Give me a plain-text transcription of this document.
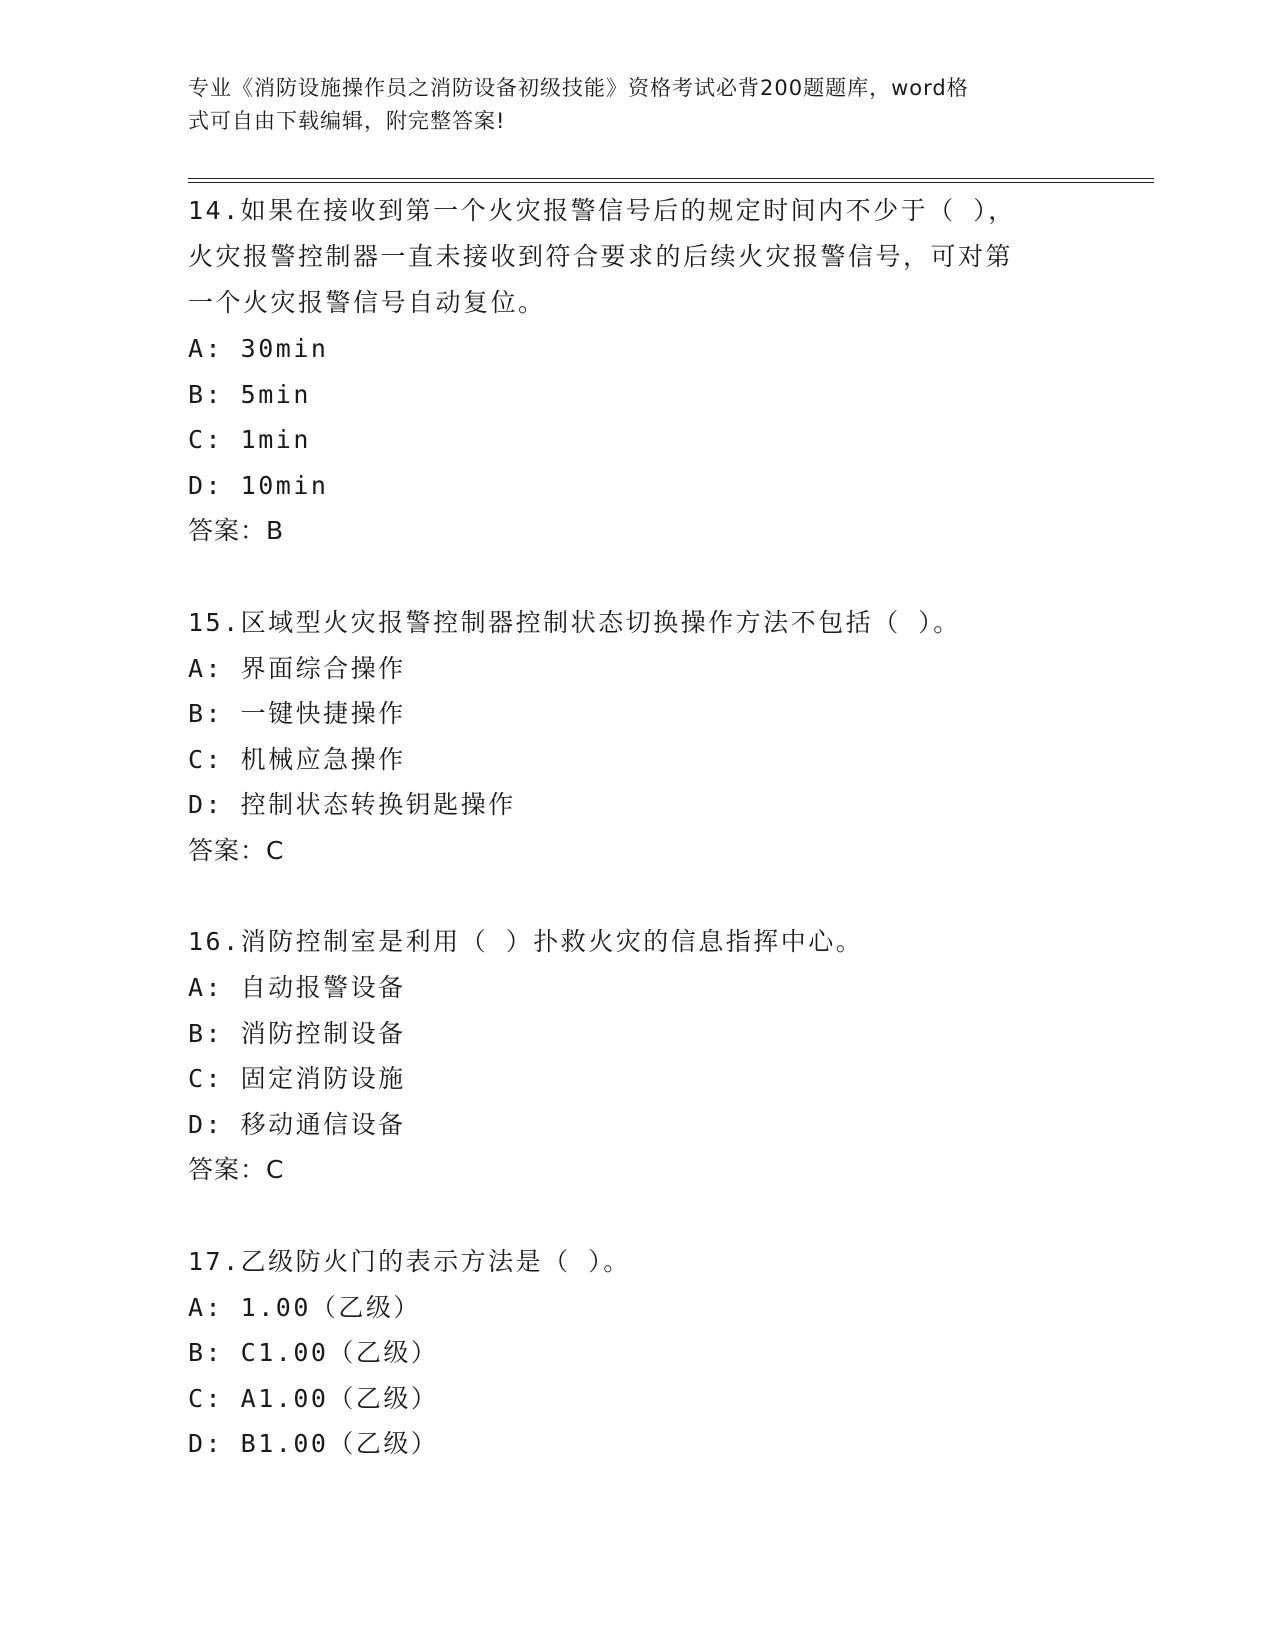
专业《消防设施操作员之消防设备初级技能》资格考试必背200题题库，word格
式可自由下载编辑，附完整答案!
14.如果在接收到第一个火灾报警信号后的规定时间内不少于（ ），
火灾报警控制器一直未接收到符合要求的后续火灾报警信号，可对第
一个火灾报警信号自动复位。
A: 30min
B: 5min
C: 1min
D: 10min
答案：B
15.区域型火灾报警控制器控制状态切换操作方法不包括（ ）。
A: 界面综合操作
B: 一键快捷操作
C: 机械应急操作
D: 控制状态转换钥匙操作
答案：C
16.消防控制室是利用（ ）扑救火灾的信息指挥中心。
A: 自动报警设备
B: 消防控制设备
C: 固定消防设施
D: 移动通信设备
答案：C
17.乙级防火门的表示方法是（ ）。
A: 1.00（乙级）
B: C1.00（乙级）
C: A1.00（乙级）
D: B1.00（乙级）
